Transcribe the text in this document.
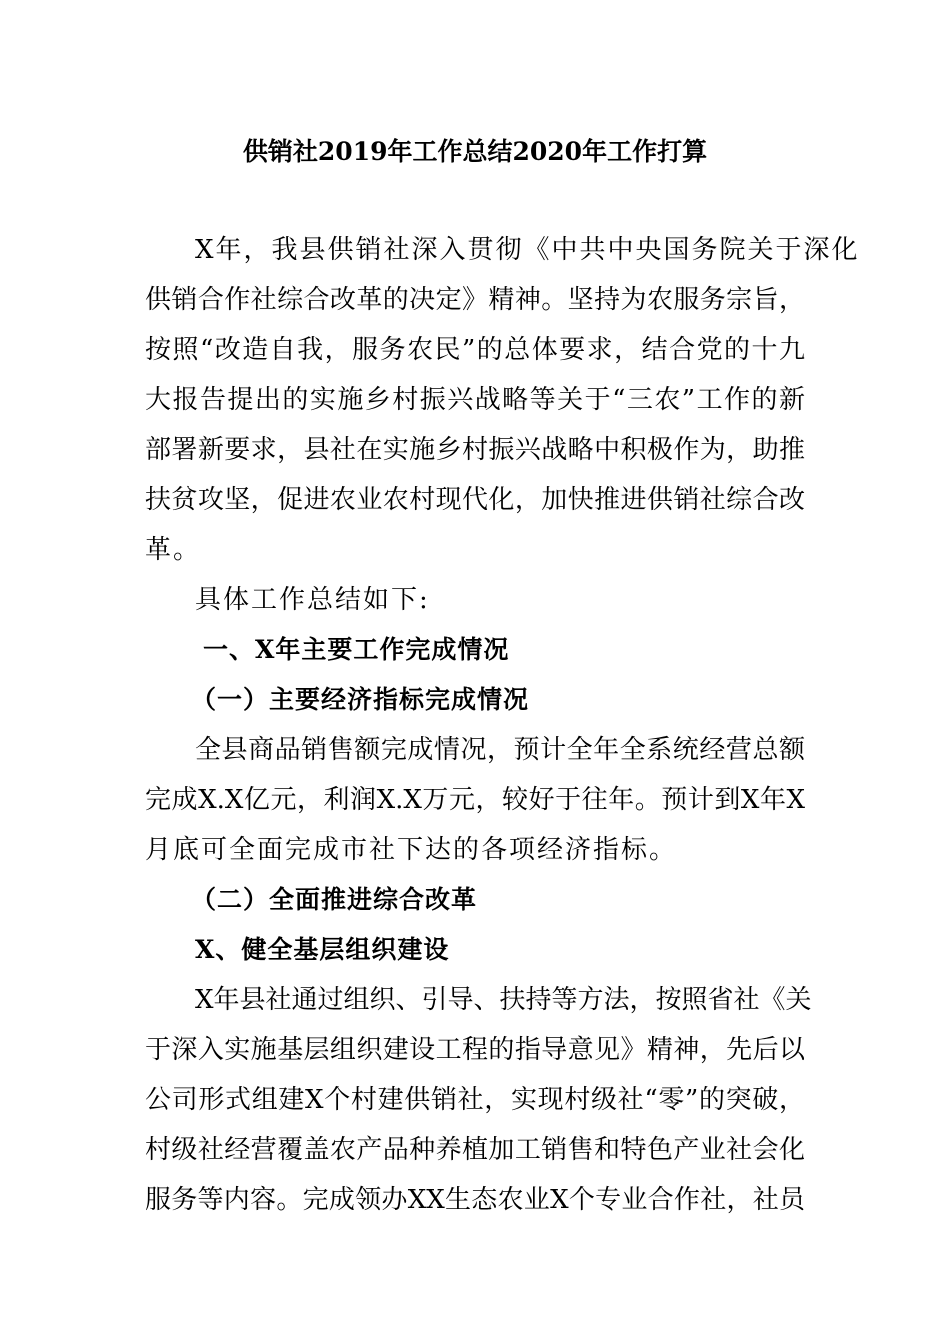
供销社2019年工作总结2020年工作打算
X年，我县供销社深入贯彻《中共中央国务院关于深化
供销合作社综合改革的决定》精神。坚持为农服务宗旨，
按照“改造自我，服务农民”的总体要求，结合党的十九
大报告提出的实施乡村振兴战略等关于“三农”工作的新
部署新要求，县社在实施乡村振兴战略中积极作为，助推
扶贫攻坚，促进农业农村现代化，加快推进供销社综合改
革。
具体工作总结如下:
一、X年主要工作完成情况
（一）主要经济指标完成情况
全县商品销售额完成情况，预计全年全系统经营总额
完成X.X亿元，利润X.X万元，较好于往年。预计到X年X
月底可全面完成市社下达的各项经济指标。
（二）全面推进综合改革
X、健全基层组织建设
X年县社通过组织、引导、扶持等方法，按照省社《关
于深入实施基层组织建设工程的指导意见》精神，先后以
公司形式组建X个村建供销社，实现村级社“零”的突破，
村级社经营覆盖农产品种养植加工销售和特色产业社会化
服务等内容。完成领办XX生态农业X个专业合作社，社员
